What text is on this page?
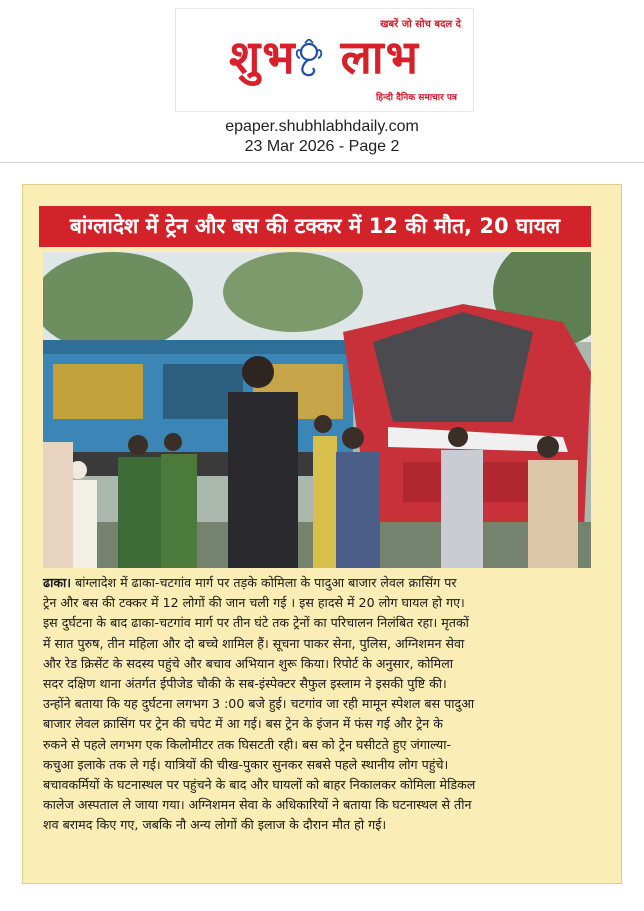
खबरें जो सोच बदल दे
शुभ लाभ
हिन्दी दैनिक समाचार पत्र
epaper.shubhlabhdaily.com
23 Mar 2026 - Page 2
बांग्लादेश में ट्रेन और बस की टक्कर में 12 की मौत, 20 घायल
ढाका। बांग्लादेश में ढाका-चटगांव मार्ग पर तड़के कोमिला के पादुआ बाजार लेवल क्रासिंग पर
ट्रेन और बस की टक्कर में 12 लोगों की जान चली गई । इस हादसे में 20 लोग घायल हो गए।
इस दुर्घटना के बाद ढाका-चटगांव मार्ग पर तीन घंटे तक ट्रेनों का परिचालन निलंबित रहा। मृतकों
में सात पुरुष, तीन महिला और दो बच्चे शामिल हैं। सूचना पाकर सेना, पुलिस, अग्निशमन सेवा
और रेड क्रिसेंट के सदस्य पहुंचे और बचाव अभियान शुरू किया। रिपोर्ट के अनुसार, कोमिला
सदर दक्षिण थाना अंतर्गत ईपीजेड चौकी के सब-इंस्पेक्टर सैफुल इस्लाम ने इसकी पुष्टि की।
उन्होंने बताया कि यह दुर्घटना लगभग 3 :00 बजे हुई। चटगांव जा रही मामून स्पेशल बस पादुआ
बाजार लेवल क्रासिंग पर ट्रेन की चपेट में आ गई। बस ट्रेन के इंजन में फंस गई और ट्रेन के
रुकने से पहले लगभग एक किलोमीटर तक घिसटती रही। बस को ट्रेन घसीटते हुए जंगाल्या-
कचुआ इलाके तक ले गई। यात्रियों की चीख-पुकार सुनकर सबसे पहले स्थानीय लोग पहुंचे।
बचावकर्मियों के घटनास्थल पर पहुंचने के बाद और घायलों को बाहर निकालकर कोमिला मेडिकल
कालेज अस्पताल ले जाया गया। अग्निशमन सेवा के अधिकारियों ने बताया कि घटनास्थल से तीन
शव बरामद किए गए, जबकि नौ अन्य लोगों की इलाज के दौरान मौत हो गई।
